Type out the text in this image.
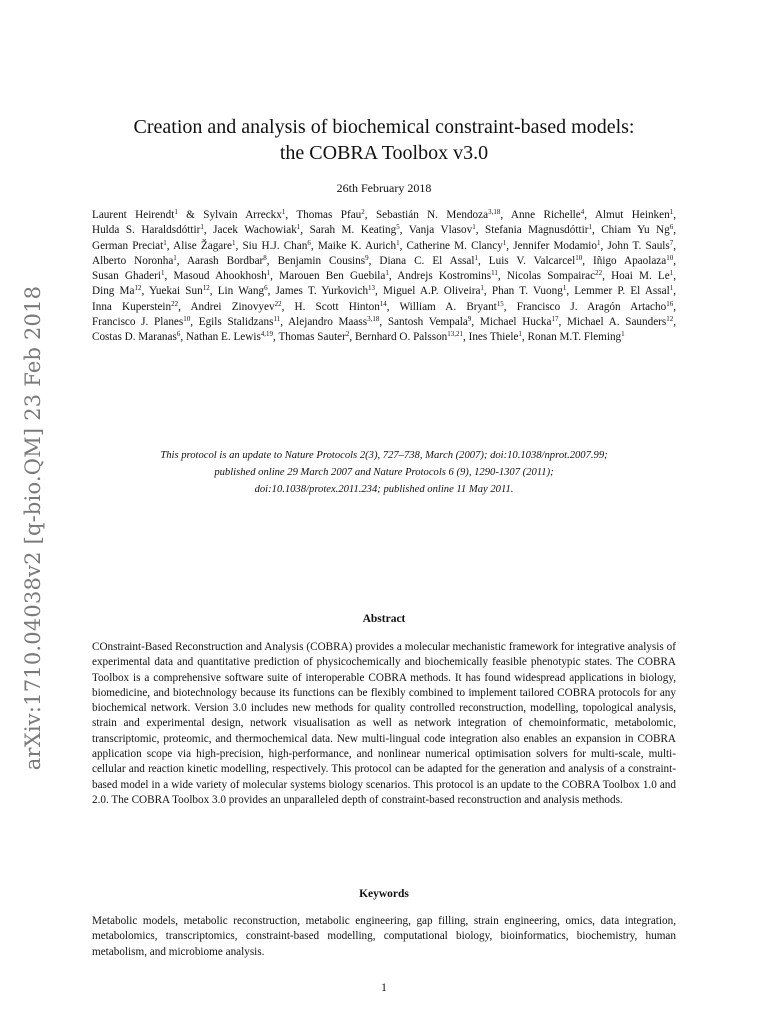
arXiv:1710.04038v2 [q-bio.QM] 23 Feb 2018
Creation and analysis of biochemical constraint-based models:
the COBRA Toolbox v3.0
26th February 2018
Laurent Heirendt$^1$ & Sylvain Arreckx$^1$, Thomas Pfau$^2$, Sebastián N. Mendoza$^{3,18}$, Anne Richelle$^4$, Almut Heinken$^1$, Hulda S. Haraldsdóttir$^1$, Jacek Wachowiak$^1$, Sarah M. Keating$^5$, Vanja Vlasov$^1$, Stefania Magnusdóttir$^1$, Chiam Yu Ng$^6$, German Preciat$^1$, Alise Žagare$^1$, Siu H.J. Chan$^6$, Maike K. Aurich$^1$, Catherine M. Clancy$^1$, Jennifer Modamio$^1$, John T. Sauls$^7$, Alberto Noronha$^1$, Aarash Bordbar$^8$, Benjamin Cousins$^9$, Diana C. El Assal$^1$, Luis V. Valcarcel$^{10}$, Iñigo Apaolaza$^{10}$, Susan Ghaderi$^1$, Masoud Ahookhosh$^1$, Marouen Ben Guebila$^1$, Andrejs Kostromins$^{11}$, Nicolas Sompairac$^{22}$, Hoai M. Le$^1$, Ding Ma$^{12}$, Yuekai Sun$^{12}$, Lin Wang$^6$, James T. Yurkovich$^{13}$, Miguel A.P. Oliveira$^1$, Phan T. Vuong$^1$, Lemmer P. El Assal$^1$, Inna Kuperstein$^{22}$, Andrei Zinovyev$^{22}$, H. Scott Hinton$^{14}$, William A. Bryant$^{15}$, Francisco J. Aragón Artacho$^{16}$, Francisco J. Planes$^{10}$, Egils Stalidzans$^{11}$, Alejandro Maass$^{3,18}$, Santosh Vempala$^9$, Michael Hucka$^{17}$, Michael A. Saunders$^{12}$, Costas D. Maranas$^6$, Nathan E. Lewis$^{4,19}$, Thomas Sauter$^2$, Bernhard O. Palsson$^{13,21}$, Ines Thiele$^1$, Ronan M.T. Fleming$^1$
This protocol is an update to Nature Protocols 2(3), 727–738, March (2007); doi:10.1038/nprot.2007.99;
published online 29 March 2007 and Nature Protocols 6 (9), 1290-1307 (2011);
doi:10.1038/protex.2011.234; published online 11 May 2011.
Abstract
COnstraint-Based Reconstruction and Analysis (COBRA) provides a molecular mechanistic framework for integrative analysis of experimental data and quantitative prediction of physicochemically and biochemically feasible phenotypic states. The COBRA Toolbox is a comprehensive software suite of interoperable COBRA methods. It has found widespread applications in biology, biomedicine, and biotechnology because its functions can be flexibly combined to implement tailored COBRA protocols for any biochemical network. Version 3.0 includes new methods for quality controlled reconstruction, modelling, topological analysis, strain and experimental design, network visualisation as well as network integration of chemoinformatic, metabolomic, transcriptomic, proteomic, and thermochemical data. New multi-lingual code integration also enables an expansion in COBRA application scope via high-precision, high-performance, and nonlinear numerical optimisation solvers for multi-scale, multi-cellular and reaction kinetic modelling, respectively. This protocol can be adapted for the generation and analysis of a constraint-based model in a wide variety of molecular systems biology scenarios. This protocol is an update to the COBRA Toolbox 1.0 and 2.0. The COBRA Toolbox 3.0 provides an unparalleled depth of constraint-based reconstruction and analysis methods.
Keywords
Metabolic models, metabolic reconstruction, metabolic engineering, gap filling, strain engineering, omics, data integration, metabolomics, transcriptomics, constraint-based modelling, computational biology, bioinformatics, biochemistry, human metabolism, and microbiome analysis.
1
